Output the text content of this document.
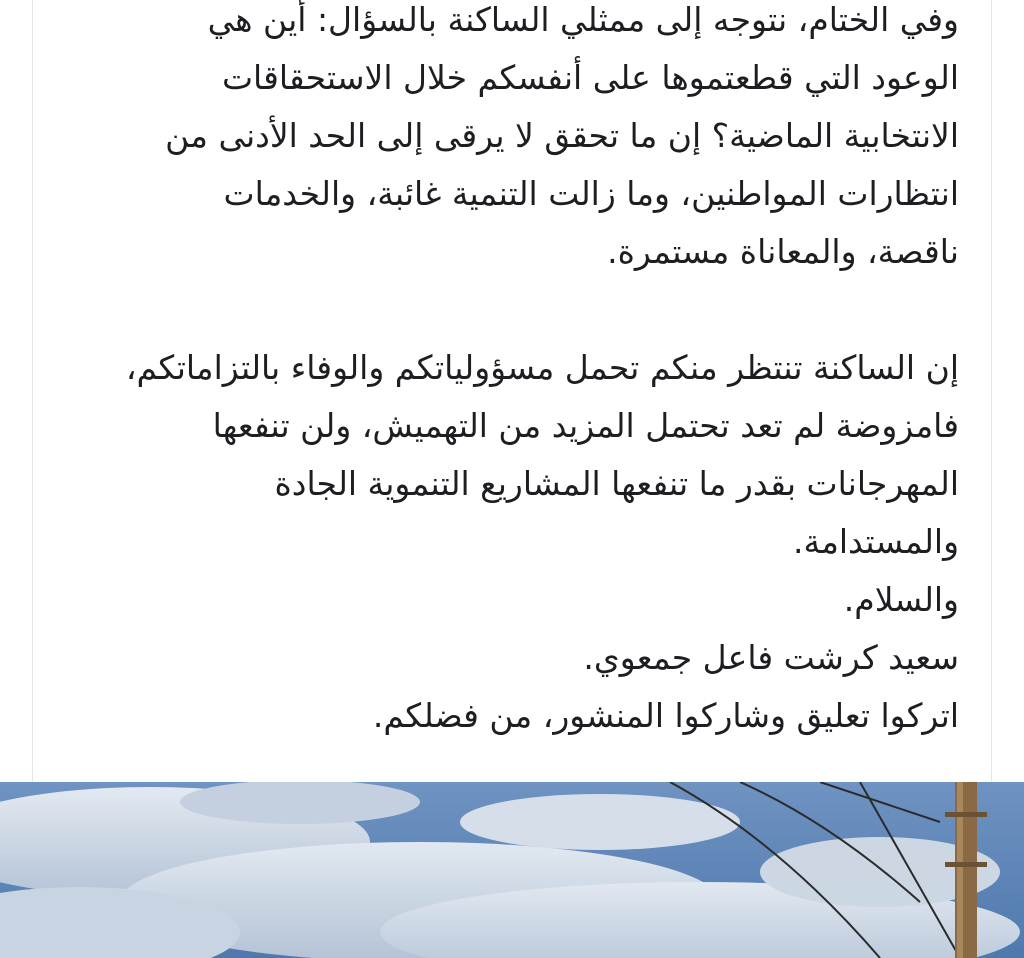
وفي الختام، نتوجه إلى ممثلي الساكنة بالسؤال: أين هي
الوعود التي قطعتموها على أنفسكم خلال الاستحقاقات
الانتخابية الماضية؟ إن ما تحقق لا يرقى إلى الحد الأدنى من
انتظارات المواطنين، وما زالت التنمية غائبة، والخدمات
ناقصة، والمعاناة مستمرة.
إن الساكنة تنتظر منكم تحمل مسؤولياتكم والوفاء بالتزاماتكم،
فامزوضة لم تعد تحتمل المزيد من التهميش، ولن تنفعها
المهرجانات بقدر ما تنفعها المشاريع التنموية الجادة
والمستدامة.
والسلام.
سعيد كرشت فاعل جمعوي.
اتركوا تعليق وشاركوا المنشور، من فضلكم.
